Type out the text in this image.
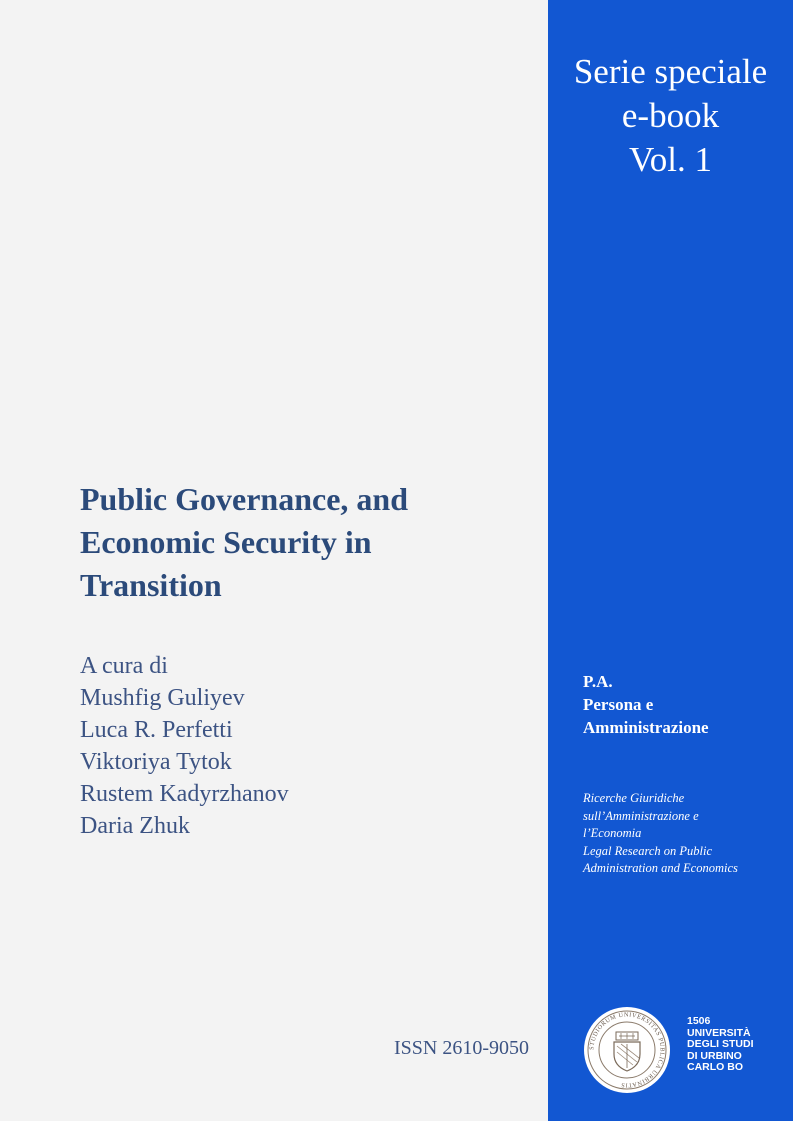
Serie speciale
e-book
Vol. 1
Public Governance, and
Economic Security in
Transition
A cura di
Mushfig Guliyev
Luca R. Perfetti
Viktoriya Tytok
Rustem Kadyrzhanov
Daria Zhuk
ISSN 2610-9050
P.A.
Persona e
Amministrazione
Ricerche Giuridiche
sull’Amministrazione e
l’Economia
Legal Research on Public
Administration and Economics
STUDIORUM UNIVERSITAS PUBLICA URBINATIS
1506
UNIVERSITÀ
DEGLI STUDI
DI URBINO
CARLO BO
